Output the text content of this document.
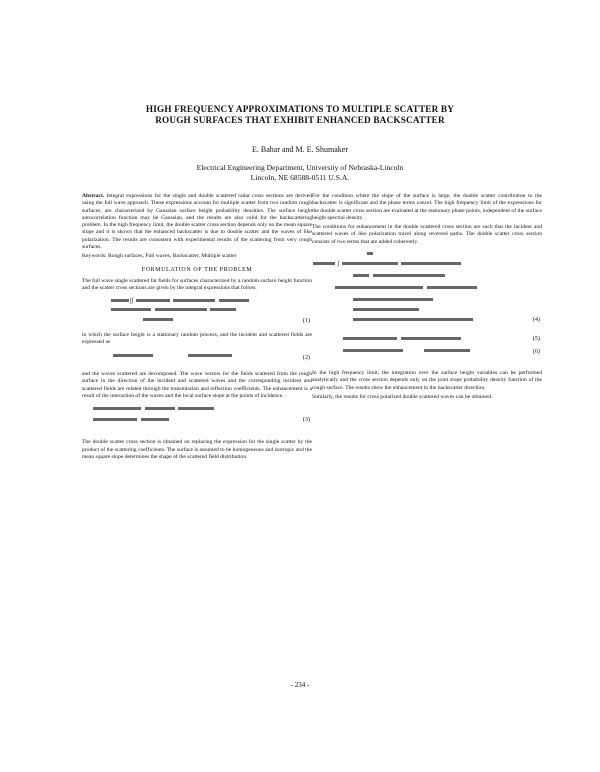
HIGH FREQUENCY APPROXIMATIONS TO MULTIPLE SCATTER BY
ROUGH SURFACES THAT EXHIBIT ENHANCED BACKSCATTER
E. Bahar and M. E. Shumaker
Electrical Engineering Department, University of Nebraska-Lincoln
Lincoln, NE 68588-0511 U.S.A.

Abstract. Integral expressions for the single and double scattered radar cross sections are derived using the full wave approach. These expressions account for multiple scatter from two random rough surfaces, are characterized by Gaussian surface height probability densities. The surface height autocorrelation function may be Gaussian, and the results are also valid for the backscattering problem. In the high frequency limit, the double scatter cross section depends only on the mean square slope and it is shown that the enhanced backscatter is due to double scatter and the waves of like polarization. The results are consistent with experimental results of the scattering from very rough surfaces.

Keywords: Rough surfaces, Full waves, Backscatter, Multiple scatter

FORMULATION OF THE PROBLEM

The full wave single scattered far fields for surfaces characterized by a random surface height function and the scatter cross sections are given by the integral expressions that follow.

∫∫

(1)

in which the surface height is a stationary random process, and the incident and scattered fields are expressed as

(2)

and the waves scattered are decomposed. The wave vectors for the fields scattered from the rough surface in the direction of the incident and scattered waves and the corresponding incident and scattered fields are related through the transmission and reflection coefficients. The enhancement is a result of the interaction of the waves and the local surface slope at the points of incidence.

(3)

The double scatter cross section is obtained on replacing the expression for the single scatter by the product of the scattering coefficients. The surface is assumed to be homogeneous and isotropic and the mean square slope determines the shape of the scattered field distribution.

For the condition where the slope of the surface is large, the double scatter contribution to the backscatter is significant and the phase terms cancel. The high frequency limit of the expressions for the double scatter cross section are evaluated at the stationary phase points, independent of the surface height spectral density.

The conditions for enhancement in the double scattered cross section are such that the incident and scattered waves of like polarization travel along reversed paths. The double scatter cross section consists of two terms that are added coherently.

∫

(4)

(5)
(6)

In the high frequency limit, the integration over the surface height variables can be performed analytically and the cross section depends only on the joint slope probability density function of the rough surface. The results show the enhancement in the backscatter direction.

Similarly, the results for cross polarized double scattered waves can be obtained.

- 234 -
